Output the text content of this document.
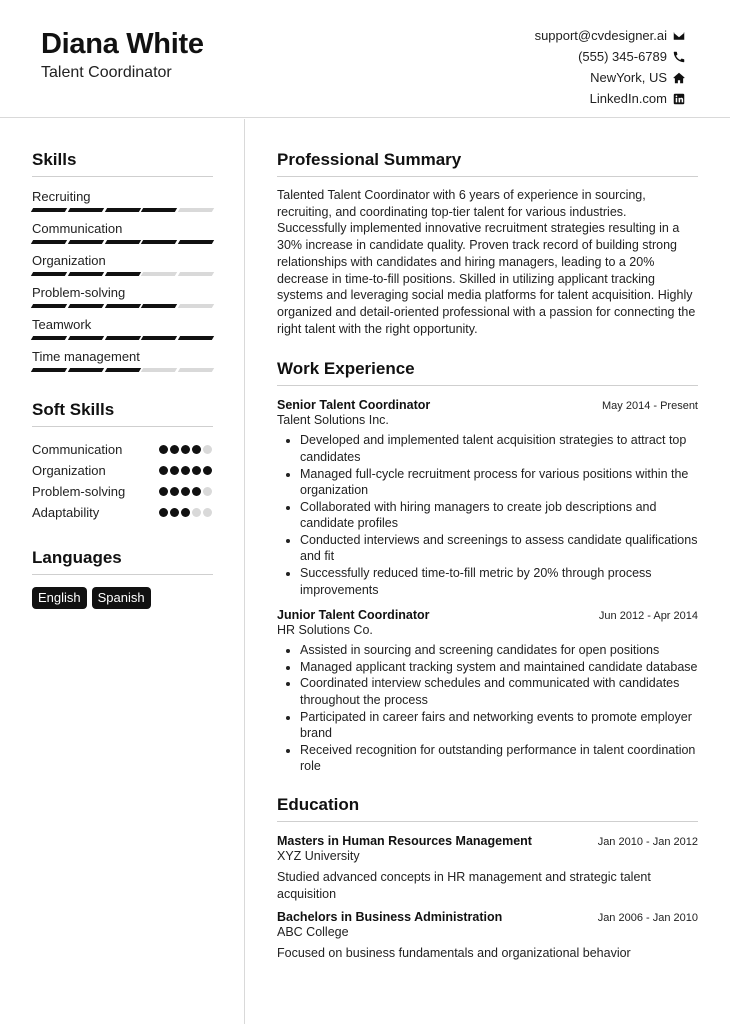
Diana White
Talent Coordinator
support@cvdesigner.ai
(555) 345-6789
NewYork, US
LinkedIn.com
Skills
Recruiting
Communication
Organization
Problem-solving
Teamwork
Time management
Soft Skills
Communication
Organization
Problem-solving
Adaptability
Languages
English	Spanish
Professional Summary

Talented Talent Coordinator with 6 years of experience in sourcing, recruiting, and coordinating top-tier talent for various industries. Successfully implemented innovative recruitment strategies resulting in a 30% increase in candidate quality. Proven track record of building strong relationships with candidates and hiring managers, leading to a 20% decrease in time-to-fill positions. Skilled in utilizing applicant tracking systems and leveraging social media platforms for talent acquisition. Highly organized and detail-oriented professional with a passion for connecting the right talent with the right opportunity.

Work Experience
Senior Talent Coordinator	May 2014 - Present
Talent Solutions Inc.
• Developed and implemented talent acquisition strategies to attract top candidates
• Managed full-cycle recruitment process for various positions within the organization
• Collaborated with hiring managers to create job descriptions and candidate profiles
• Conducted interviews and screenings to assess candidate qualifications and fit
• Successfully reduced time-to-fill metric by 20% through process improvements
Junior Talent Coordinator	Jun 2012 - Apr 2014
HR Solutions Co.
• Assisted in sourcing and screening candidates for open positions
• Managed applicant tracking system and maintained candidate database
• Coordinated interview schedules and communicated with candidates throughout the process
• Participated in career fairs and networking events to promote employer brand
• Received recognition for outstanding performance in talent coordination role
Education
Masters in Human Resources Management	Jan 2010 - Jan 2012
XYZ University

Studied advanced concepts in HR management and strategic talent acquisition

Bachelors in Business Administration	Jan 2006 - Jan 2010
ABC College

Focused on business fundamentals and organizational behavior
